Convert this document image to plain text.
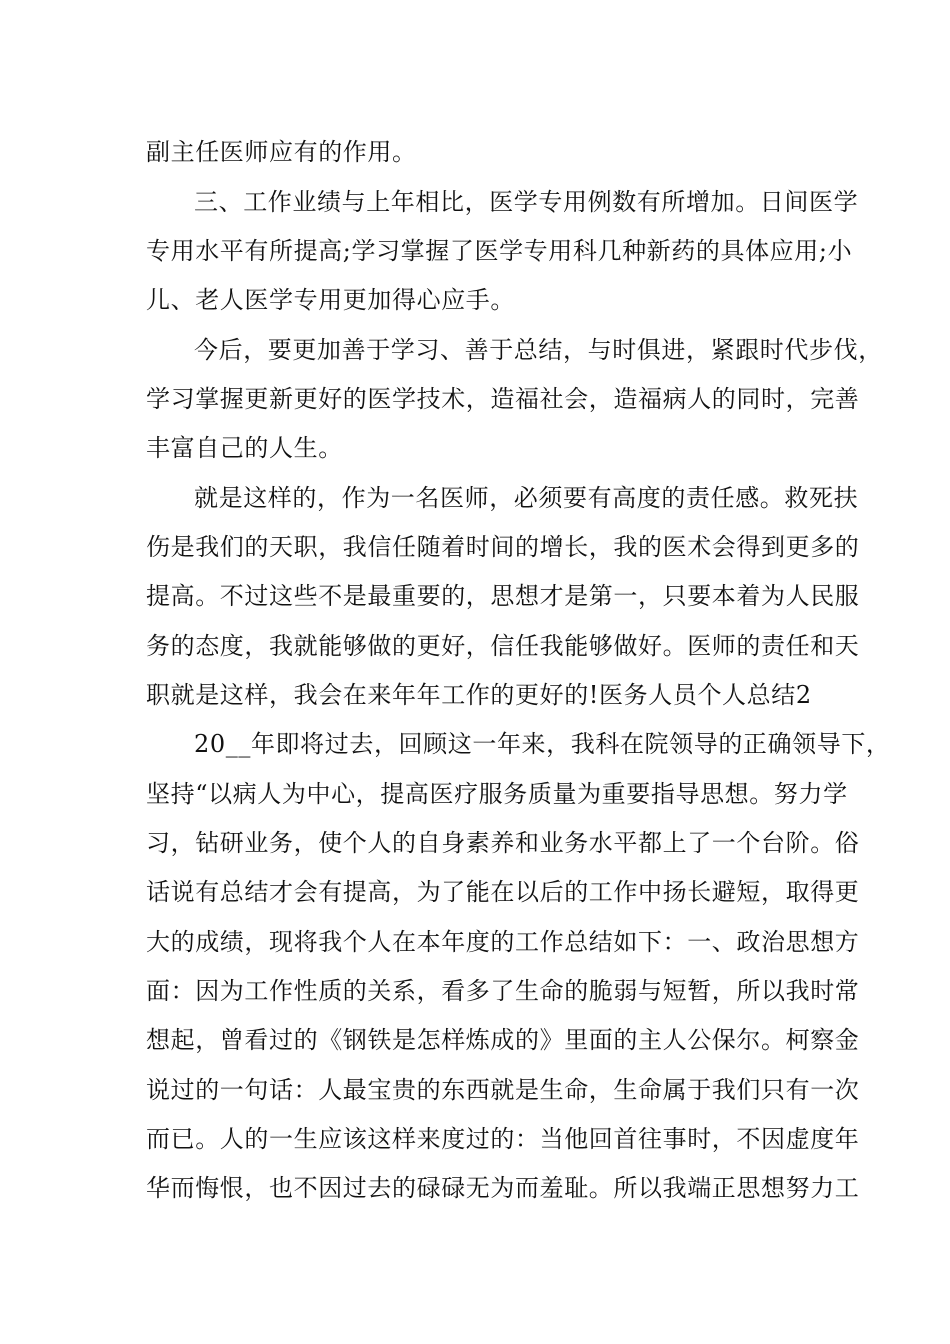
副主任医师应有的作用。
三、工作业绩与上年相比，医学专用例数有所增加。日间医学
专用水平有所提高;学习掌握了医学专用科几种新药的具体应用;小
儿、老人医学专用更加得心应手。
今后，要更加善于学习、善于总结，与时俱进，紧跟时代步伐，
学习掌握更新更好的医学技术，造福社会，造福病人的同时，完善
丰富自己的人生。
就是这样的，作为一名医师，必须要有高度的责任感。救死扶
伤是我们的天职，我信任随着时间的增长，我的医术会得到更多的
提高。不过这些不是最重要的，思想才是第一，只要本着为人民服
务的态度，我就能够做的更好，信任我能够做好。医师的责任和天
职就是这样，我会在来年年工作的更好的!医务人员个人总结2
20__年即将过去，回顾这一年来，我科在院领导的正确领导下，
坚持“以病人为中心，提高医疗服务质量为重要指导思想。努力学
习，钻研业务，使个人的自身素养和业务水平都上了一个台阶。俗
话说有总结才会有提高，为了能在以后的工作中扬长避短，取得更
大的成绩，现将我个人在本年度的工作总结如下：一、政治思想方
面：因为工作性质的关系，看多了生命的脆弱与短暂，所以我时常
想起，曾看过的《钢铁是怎样炼成的》里面的主人公保尔。柯察金
说过的一句话：人最宝贵的东西就是生命，生命属于我们只有一次
而已。人的一生应该这样来度过的：当他回首往事时，不因虚度年
华而悔恨，也不因过去的碌碌无为而羞耻。所以我端正思想努力工
